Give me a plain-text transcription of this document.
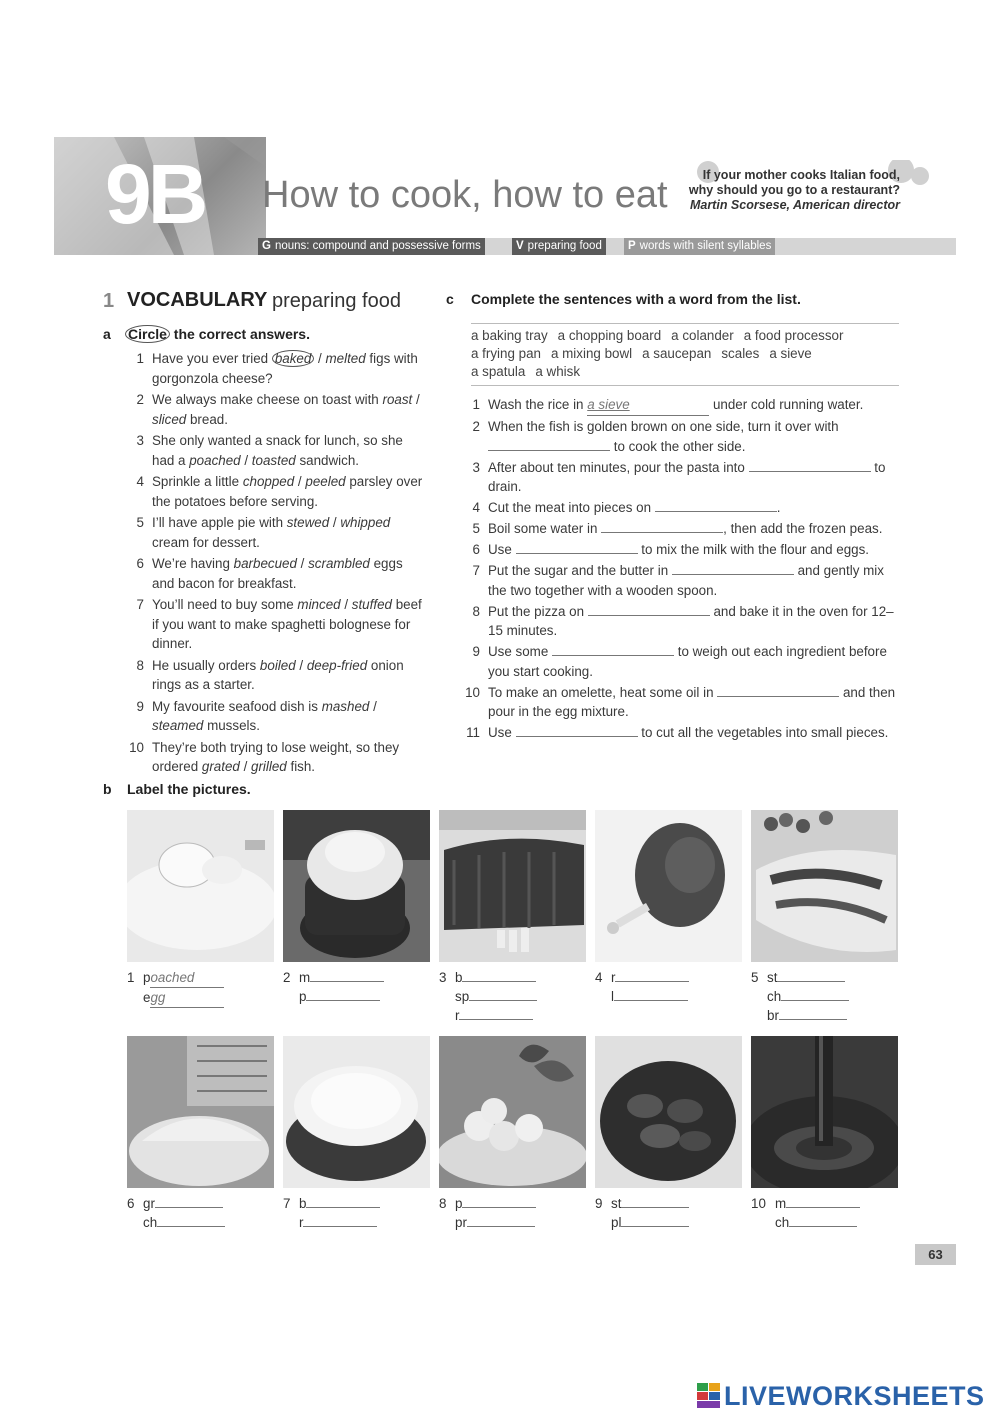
9B How to cook, how to eat	If your mother cooks Italian food,
why should you go to a restaurant?
Martin Scorsese, American director
G nouns: compound and possessive forms	V preparing food	P words with silent syllables
1 VOCABULARY preparing food
a Circle the correct answers.
1 Have you ever tried baked / melted figs with gorgonzola cheese?
2 We always make cheese on toast with roast / sliced bread.
3 She only wanted a snack for lunch, so she had a poached / toasted sandwich.
4 Sprinkle a little chopped / peeled parsley over the potatoes before serving.
5 I’ll have apple pie with stewed / whipped cream for dessert.
6 We’re having barbecued / scrambled eggs and bacon for breakfast.
7 You’ll need to buy some minced / stuffed beef if you want to make spaghetti bolognese for dinner.
8 He usually orders boiled / deep-fried onion rings as a starter.
9 My favourite seafood dish is mashed / steamed mussels.
10 They’re both trying to lose weight, so they ordered grated / grilled fish.
c Complete the sentences with a word from the list.
a baking tray a chopping board a colander a food processor
a frying pan a mixing bowl a saucepan scales a sieve
a spatula a whisk
1 Wash the rice in a sieve	under cold running water.
2 When the fish is golden brown on one side, turn it over with  to cook the other side.
3 After about ten minutes, pour the pasta into	to drain.
4 Cut the meat into pieces on	.
5 Boil some water in	, then add the frozen peas.
6 Use	to mix the milk with the flour and eggs.
7 Put the sugar and the butter in	and gently mix the two together with a wooden spoon.
8 Put the pizza on	and bake it in the oven for 12–15 minutes.
9 Use some	to weigh out each ingredient before you start cooking.
10 To make an omelette, heat some oil in	and then pour in the egg mixture.
11 Use	to cut all the vegetables into small pieces.
b Label the pictures.
1 poached
egg
2 m
p
3 b
sp
r
4 r
l
5 st
ch
br
6 gr
ch
7 b
r
8 p
pr
9 st
pl
10 m
ch
63
LIVEWORKSHEETS
